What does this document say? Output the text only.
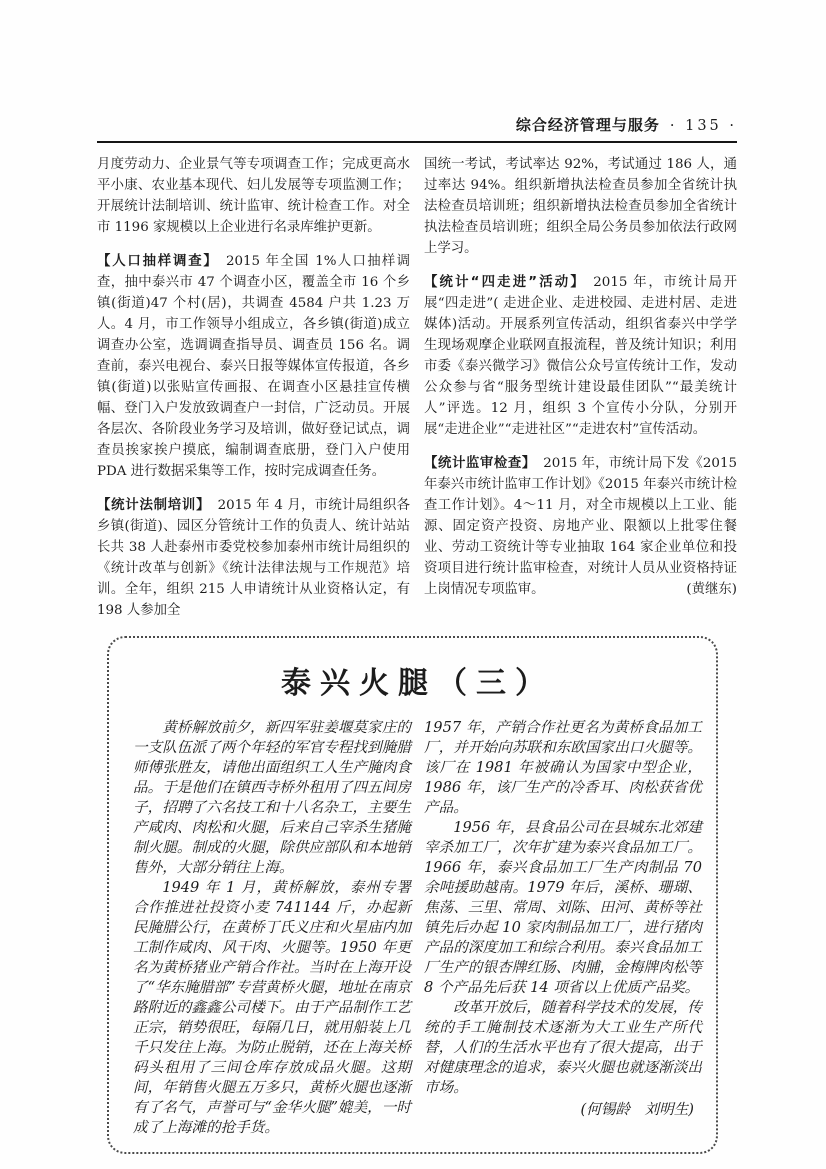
综合经济管理与服务 · 135 ·

月度劳动力、企业景气等专项调查工作；完成更高水平小康、农业基本现代、妇儿发展等专项监测工作；开展统计法制培训、统计监审、统计检查工作。对全市 1196 家规模以上企业进行名录库维护更新。

【人口抽样调查】 2015 年全国 1%人口抽样调查，抽中泰兴市 47 个调查小区，覆盖全市 16 个乡镇(街道)47 个村(居)，共调查 4584 户共 1.23 万人。4 月，市工作领导小组成立，各乡镇(街道)成立调查办公室，选调调查指导员、调查员 156 名。调查前，泰兴电视台、泰兴日报等媒体宣传报道，各乡镇(街道)以张贴宣传画报、在调查小区悬挂宣传横幅、登门入户发放致调查户一封信，广泛动员。开展各层次、各阶段业务学习及培训，做好登记试点，调查员挨家挨户摸底，编制调查底册，登门入户使用 PDA 进行数据采集等工作，按时完成调查任务。

【统计法制培训】 2015 年 4 月，市统计局组织各乡镇(街道)、园区分管统计工作的负责人、统计站站长共 38 人赴泰州市委党校参加泰州市统计局组织的《统计改革与创新》《统计法律法规与工作规范》培训。全年，组织 215 人申请统计从业资格认定，有 198 人参加全

国统一考试，考试率达 92%，考试通过 186 人，通过率达 94%。组织新增执法检查员参加全省统计执法检查员培训班；组织新增执法检查员参加全省统计执法检查员培训班；组织全局公务员参加依法行政网上学习。

【统计“四走进”活动】 2015 年，市统计局开展“四走进”( 走进企业、走进校园、走进村居、走进媒体)活动。开展系列宣传活动，组织省泰兴中学学生现场观摩企业联网直报流程，普及统计知识；利用市委《泰兴微学习》微信公众号宣传统计工作，发动公众参与省“服务型统计建设最佳团队”“最美统计人”评选。12 月，组织 3 个宣传小分队，分别开展“走进企业”“走进社区”“走进农村”宣传活动。

【统计监审检查】 2015 年，市统计局下发《2015 年泰兴市统计监审工作计划》《2015 年泰兴市统计检查工作计划》。4～11 月，对全市规模以上工业、能源、固定资产投资、房地产业、限额以上批零住餐业、劳动工资统计等专业抽取 164 家企业单位和投资项目进行统计监审检查，对统计人员从业资格持证上岗情况专项监审。	(黄继东)

泰兴火腿（三）

黄桥解放前夕，新四军驻姜堰莫家庄的一支队伍派了两个年轻的军官专程找到腌腊师傅张胜友，请他出面组织工人生产腌肉食品。于是他们在镇西寺桥外租用了四五间房子，招聘了六名技工和十八名杂工，主要生产咸肉、肉松和火腿，后来自己宰杀生猪腌制火腿。制成的火腿，除供应部队和本地销售外，大部分销往上海。

1949 年 1 月，黄桥解放，泰州专署合作推进社投资小麦 741144 斤，办起新民腌腊公行，在黄桥丁氏义庄和火星庙内加工制作咸肉、风干肉、火腿等。1950 年更名为黄桥猪业产销合作社。当时在上海开设了“华东腌腊部”专营黄桥火腿，地址在南京路附近的鑫鑫公司楼下。由于产品制作工艺正宗，销势很旺，每隔几日，就用船装上几千只发往上海。为防止脱销，还在上海关桥码头租用了三间仓库存放成品火腿。这期间，年销售火腿五万多只，黄桥火腿也逐渐有了名气，声誉可与“金华火腿”媲美，一时成了上海滩的抢手货。

1957 年，产销合作社更名为黄桥食品加工厂，并开始向苏联和东欧国家出口火腿等。该厂在 1981 年被确认为国家中型企业，1986 年，该厂生产的冷香耳、肉松获省优产品。

1956 年，县食品公司在县城东北郊建宰杀加工厂，次年扩建为泰兴食品加工厂。1966 年，泰兴食品加工厂生产肉制品 70 余吨援助越南。1979 年后，溪桥、珊瑚、焦荡、三里、常周、刘陈、田河、黄桥等社镇先后办起 10 家肉制品加工厂，进行猪肉产品的深度加工和综合利用。泰兴食品加工厂生产的银杏牌红肠、肉脯，金梅牌肉松等 8 个产品先后获 14 项省以上优质产品奖。

改革开放后，随着科学技术的发展，传统的手工腌制技术逐渐为大工业生产所代替，人们的生活水平也有了很大提高，出于对健康理念的追求，泰兴火腿也就逐渐淡出市场。

(何锡龄　刘明生)
